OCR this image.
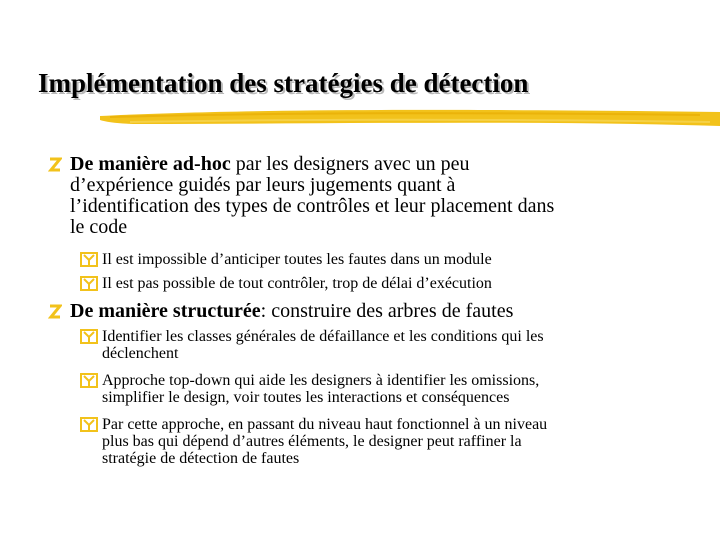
Implémentation des stratégies de détection
De manière ad-hoc par les designers avec un peu
d’expérience guidés par leurs jugements quant à
l’identification des types de contrôles et leur placement dans
le code
Il est impossible d’anticiper toutes les fautes dans un module
Il est pas possible de tout contrôler, trop de délai d’exécution
De manière structurée: construire des arbres de fautes
Identifier les classes générales de défaillance et les conditions qui les
déclenchent
Approche top-down qui aide les designers à identifier les omissions,
simplifier le design, voir toutes les interactions et conséquences
Par cette approche, en passant du niveau haut fonctionnel à un niveau
plus bas qui dépend d’autres éléments, le designer peut raffiner la
stratégie de détection de fautes
